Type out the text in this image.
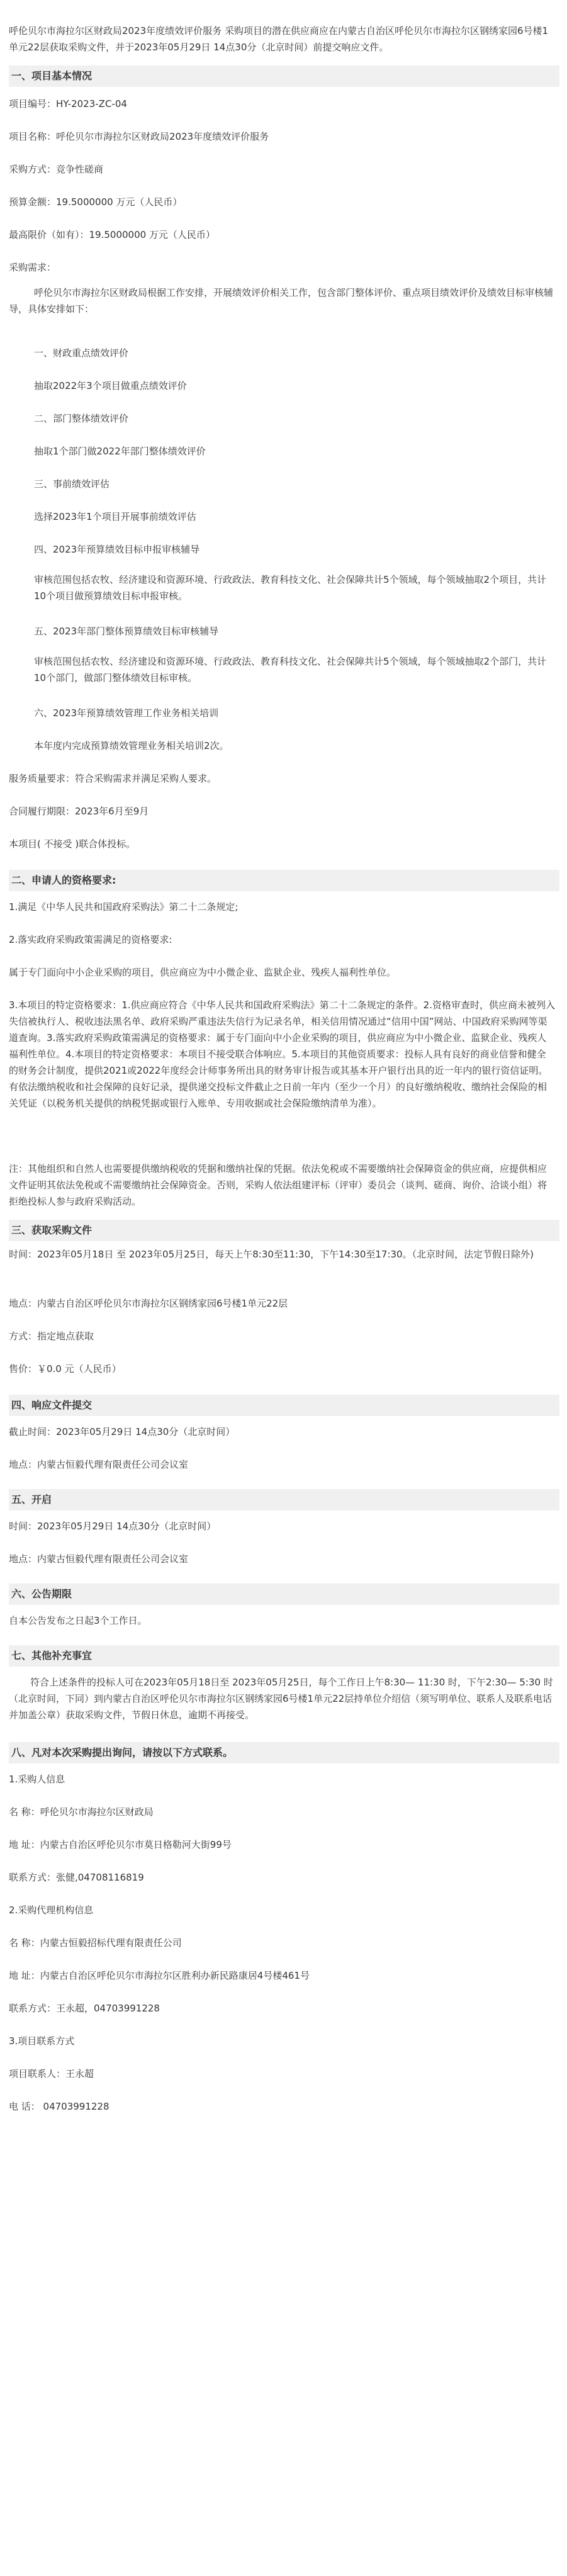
呼伦贝尔市海拉尔区财政局2023年度绩效评价服务 采购项目的潜在供应商应在内蒙古自治区呼伦贝尔市海拉尔区钢绣家园6号楼1单元22层获取采购文件，并于2023年05月29日 14点30分（北京时间）前提交响应文件。
一、项目基本情况
项目编号：HY-2023-ZC-04
项目名称：呼伦贝尔市海拉尔区财政局2023年度绩效评价服务
采购方式：竞争性磋商
预算金额：19.5000000 万元（人民币）
最高限价（如有）：19.5000000 万元（人民币）
采购需求：
呼伦贝尔市海拉尔区财政局根据工作安排，开展绩效评价相关工作，包含部门整体评价、重点项目绩效评价及绩效目标审核辅导，具体安排如下：
一、财政重点绩效评价
抽取2022年3个项目做重点绩效评价
二、部门整体绩效评价
抽取1个部门做2022年部门整体绩效评价
三、事前绩效评估
选择2023年1个项目开展事前绩效评估
四、2023年预算绩效目标申报审核辅导
审核范围包括农牧、经济建设和资源环境、行政政法、教育科技文化、社会保障共计5个领域，每个领域抽取2个项目，共计10个项目做预算绩效目标申报审核。
五、2023年部门整体预算绩效目标审核辅导
审核范围包括农牧、经济建设和资源环境、行政政法、教育科技文化、社会保障共计5个领域，每个领域抽取2个部门，共计10个部门，做部门整体绩效目标审核。
六、2023年预算绩效管理工作业务相关培训
本年度内完成预算绩效管理业务相关培训2次。
服务质量要求：符合采购需求并满足采购人要求。
合同履行期限：2023年6月至9月
本项目( 不接受 )联合体投标。
二、申请人的资格要求:
1.满足《中华人民共和国政府采购法》第二十二条规定;
2.落实政府采购政策需满足的资格要求:
属于专门面向中小企业采购的项目，供应商应为中小微企业、监狱企业、残疾人福利性单位。
3.本项目的特定资格要求：1.供应商应符合《中华人民共和国政府采购法》第二十二条规定的条件。2.资格审查时，供应商未被列入失信被执行人、税收违法黑名单、政府采购严重违法失信行为记录名单，相关信用情况通过“信用中国”网站、中国政府采购网等渠道查询。3.落实政府采购政策需满足的资格要求：属于专门面向中小企业采购的项目，供应商应为中小微企业、监狱企业、残疾人福利性单位。4.本项目的特定资格要求：本项目不接受联合体响应。5.本项目的其他资质要求：投标人具有良好的商业信誉和健全的财务会计制度，提供2021或2022年度经会计师事务所出具的财务审计报告或其基本开户银行出具的近一年内的银行资信证明。有依法缴纳税收和社会保障的良好记录，提供递交投标文件截止之日前一年内（至少一个月）的良好缴纳税收、缴纳社会保险的相关凭证（以税务机关提供的纳税凭据或银行入账单、专用收据或社会保险缴纳清单为准）。
注：其他组织和自然人也需要提供缴纳税收的凭据和缴纳社保的凭据。依法免税或不需要缴纳社会保障资金的供应商，应提供相应文件证明其依法免税或不需要缴纳社会保障资金。否则，采购人依法组建评标（评审）委员会（谈判、磋商、询价、洽谈小组）将拒绝投标人参与政府采购活动。
三、获取采购文件
时间：2023年05月18日 至 2023年05月25日，每天上午8:30至11:30，下午14:30至17:30。（北京时间，法定节假日除外)
地点：内蒙古自治区呼伦贝尔市海拉尔区钢绣家园6号楼1单元22层
方式：指定地点获取
售价：￥0.0 元（人民币）
四、响应文件提交
截止时间：2023年05月29日 14点30分（北京时间）
地点：内蒙古恒毅代理有限责任公司会议室
五、开启
时间：2023年05月29日 14点30分（北京时间）
地点：内蒙古恒毅代理有限责任公司会议室
六、公告期限
自本公告发布之日起3个工作日。
七、其他补充事宜
符合上述条件的投标人可在2023年05月18日至 2023年05月25日，每个工作日上午8:30— 11:30 时，下午2:30— 5:30 时（北京时间，下同）到内蒙古自治区呼伦贝尔市海拉尔区钢绣家园6号楼1单元22层持单位介绍信（须写明单位、联系人及联系电话并加盖公章）获取采购文件，节假日休息，逾期不再接受。
八、凡对本次采购提出询问，请按以下方式联系。
1.采购人信息
名 称：呼伦贝尔市海拉尔区财政局
地 址：内蒙古自治区呼伦贝尔市莫日格勒河大街99号
联系方式：张健,04708116819
2.采购代理机构信息
名 称：内蒙古恒毅招标代理有限责任公司
地 址：内蒙古自治区呼伦贝尔市海拉尔区胜利办新民路康居4号楼461号
联系方式：王永超，04703991228
3.项目联系方式
项目联系人：王永超
电 话： 04703991228
